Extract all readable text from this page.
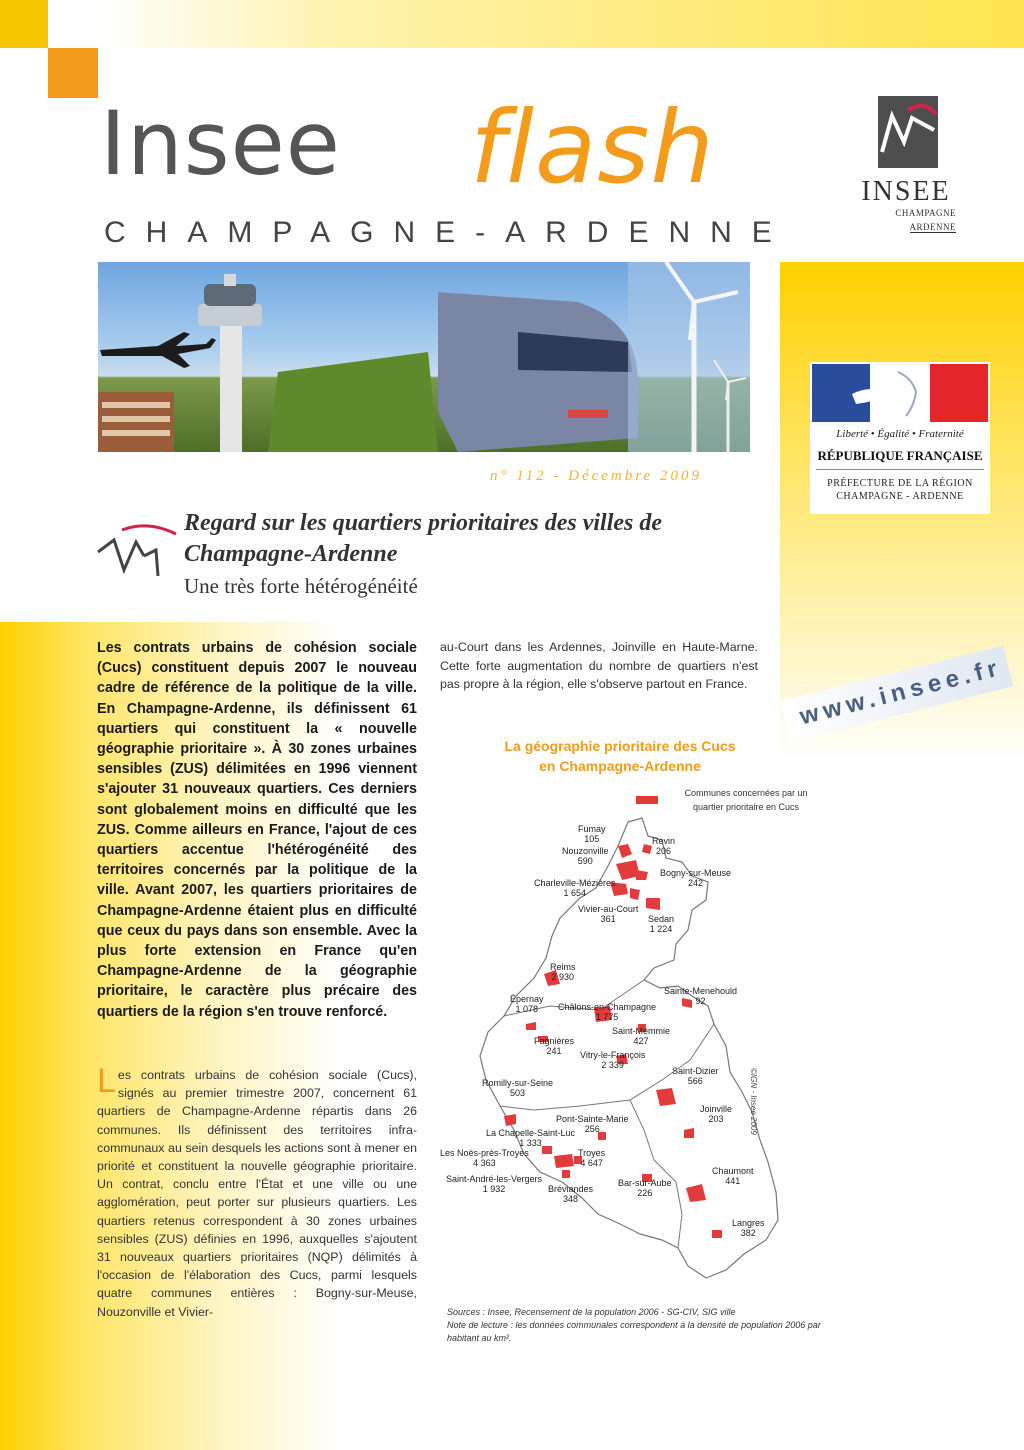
Insee flash
CHAMPAGNE-ARDENNE
INSEE
CHAMPAGNE
ARDENNE
n° 112 - Décembre 2009
Liberté • Égalité • Fraternité
RÉPUBLIQUE FRANÇAISE
PRÉFECTURE DE LA RÉGION
CHAMPAGNE - ARDENNE
Regard sur les quartiers prioritaires des villes de Champagne-Ardenne
Une très forte hétérogénéité
Les contrats urbains de cohésion sociale (Cucs) constituent depuis 2007 le nouveau cadre de référence de la politique de la ville. En Champagne-Ardenne, ils définissent 61 quartiers qui constituent la « nouvelle géographie prioritaire ». À 30 zones urbaines sensibles (ZUS) délimitées en 1996 viennent s'ajouter 31 nouveaux quartiers. Ces derniers sont globalement moins en difficulté que les ZUS. Comme ailleurs en France, l'ajout de ces quartiers accentue l'hétérogénéité des territoires concernés par la politique de la ville. Avant 2007, les quartiers prioritaires de Champagne-Ardenne étaient plus en difficulté que ceux du pays dans son ensemble. Avec la plus forte extension en France qu'en Champagne-Ardenne de la géographie prioritaire, le caractère plus précaire des quartiers de la région s'en trouve renforcé.
Les contrats urbains de cohésion sociale (Cucs), signés au premier trimestre 2007, concernent 61 quartiers de Champagne-Ardenne répartis dans 26 communes. Ils définissent des territoires infra-communaux au sein desquels les actions sont à mener en priorité et constituent la nouvelle géographie prioritaire. Un contrat, conclu entre l'État et une ville ou une agglomération, peut porter sur plusieurs quartiers. Les quartiers retenus correspondent à 30 zones urbaines sensibles (ZUS) définies en 1996, auxquelles s'ajoutent 31 nouveaux quartiers prioritaires (NQP) délimités à l'occasion de l'élaboration des Cucs, parmi lesquels quatre communes entières : Bogny-sur-Meuse, Nouzonville et Vivier-
au-Court dans les Ardennes, Joinville en Haute-Marne. Cette forte augmentation du nombre de quartiers n'est pas propre à la région, elle s'observe partout en France.	www.insee.fr
La géographie prioritaire des Cucs
en Champagne-Ardenne
Communes concernées par un quartier prioritaire en Cucs
Fumay
105	Revin
206
Nouzonville
590
Bogny-sur-Meuse
242
Charleville-Mézières
1 654
Vivier-au-Court
361	Sedan
1 224
Reims
2 930
Sainte-Menehould
92
Épernay
1 078	Châlons-en-Champagne
1 775
Saint-Memmie
427
Fagnières
241	Vitry-le-François
2 339
Saint-Dizier
566
Romilly-sur-Seine
503
Joinville
203
Pont-Sainte-Marie
256
La Chapelle-Saint-Luc
1 333
Les Noës-près-Troyes
4 363
Troyes
4 647
Saint-André-les-Vergers
1 932	Bréviandes
348
Bar-sur-Aube
226
Chaumont
441
Langres
382
©IGN - Insee 2009
Sources : Insee, Recensement de la population 2006 - SG-CIV, SIG ville
Note de lecture : les données communales correspondent à la densité de population 2006 par habitant au km².
